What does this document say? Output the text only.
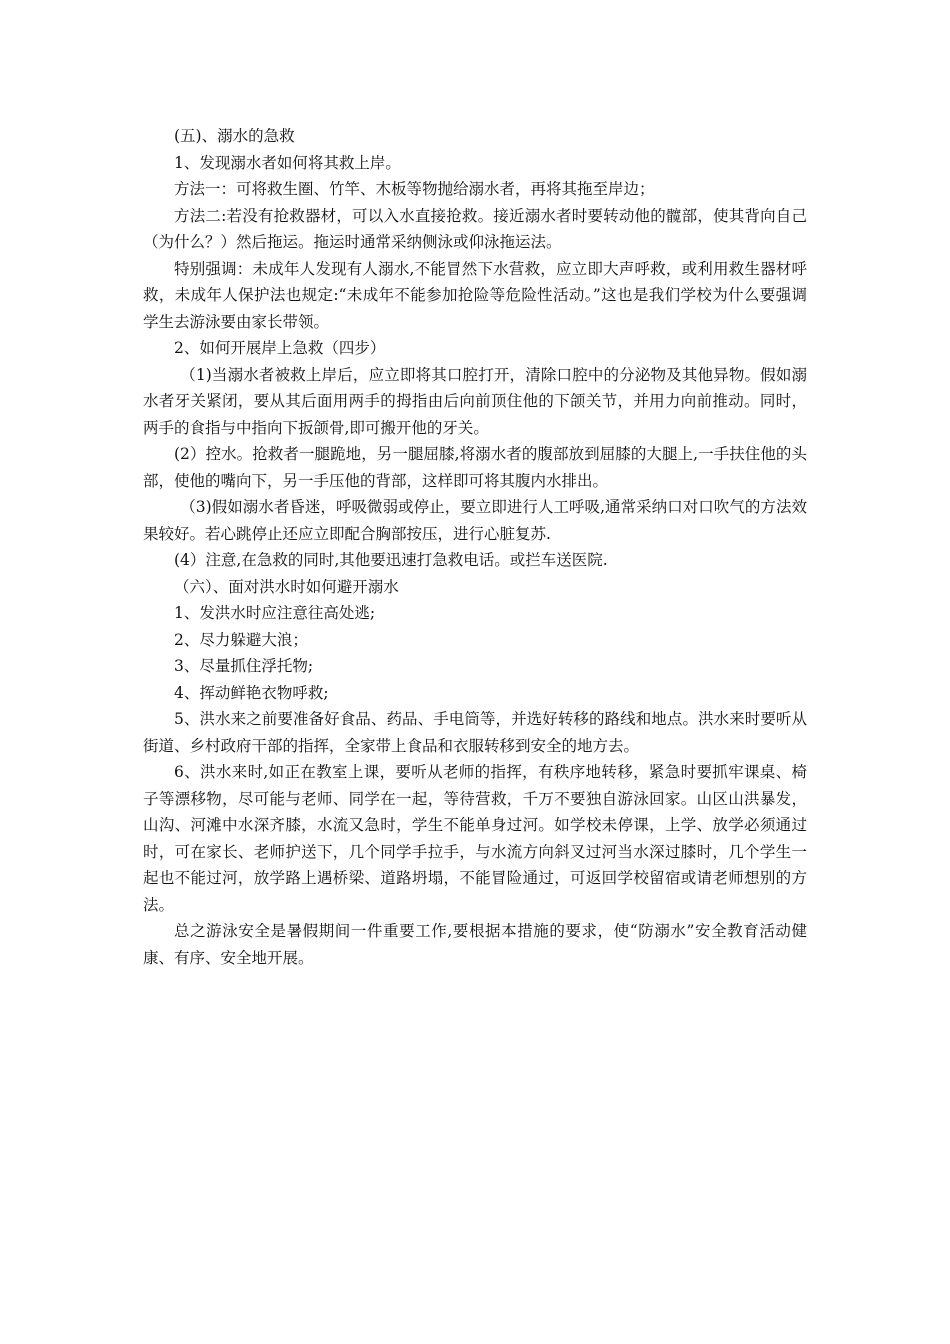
(五)、溺水的急救

1、发现溺水者如何将其救上岸。

方法一：可将救生圈、竹竿、木板等物抛给溺水者，再将其拖至岸边；

方法二:若没有抢救器材，可以入水直接抢救。接近溺水者时要转动他的髋部，使其背向自己（为什么？）然后拖运。拖运时通常采纳侧泳或仰泳拖运法。

特别强调：未成年人发现有人溺水,不能冒然下水营救，应立即大声呼救，或利用救生器材呼救，未成年人保护法也规定:“未成年不能参加抢险等危险性活动。”这也是我们学校为什么要强调学生去游泳要由家长带领。

2、如何开展岸上急救（四步）

（1)当溺水者被救上岸后，应立即将其口腔打开，清除口腔中的分泌物及其他异物。假如溺水者牙关紧闭，要从其后面用两手的拇指由后向前顶住他的下颌关节，并用力向前推动。同时，两手的食指与中指向下扳颌骨,即可搬开他的牙关。

(2）控水。抢救者一腿跪地，另一腿屈膝,将溺水者的腹部放到屈膝的大腿上,一手扶住他的头部，使他的嘴向下，另一手压他的背部，这样即可将其腹内水排出。

（3)假如溺水者昏迷，呼吸微弱或停止，要立即进行人工呼吸,通常采纳口对口吹气的方法效果较好。若心跳停止还应立即配合胸部按压，进行心脏复苏.

(4）注意,在急救的同时,其他要迅速打急救电话。或拦车送医院.

（六）、面对洪水时如何避开溺水

1、发洪水时应注意往高处逃;

2、尽力躲避大浪；

3、尽量抓住浮托物;

4、挥动鲜艳衣物呼救;

5、洪水来之前要准备好食品、药品、手电筒等，并选好转移的路线和地点。洪水来时要听从街道、乡村政府干部的指挥，全家带上食品和衣服转移到安全的地方去。

6、洪水来时,如正在教室上课，要听从老师的指挥，有秩序地转移，紧急时要抓牢课桌、椅子等漂移物，尽可能与老师、同学在一起，等待营救，千万不要独自游泳回家。山区山洪暴发，山沟、河滩中水深齐膝，水流又急时，学生不能单身过河。如学校未停课，上学、放学必须通过时，可在家长、老师护送下，几个同学手拉手，与水流方向斜叉过河当水深过膝时，几个学生一起也不能过河，放学路上遇桥梁、道路坍塌，不能冒险通过，可返回学校留宿或请老师想别的方法。

总之游泳安全是暑假期间一件重要工作,要根据本措施的要求，使“防溺水”安全教育活动健康、有序、安全地开展。
